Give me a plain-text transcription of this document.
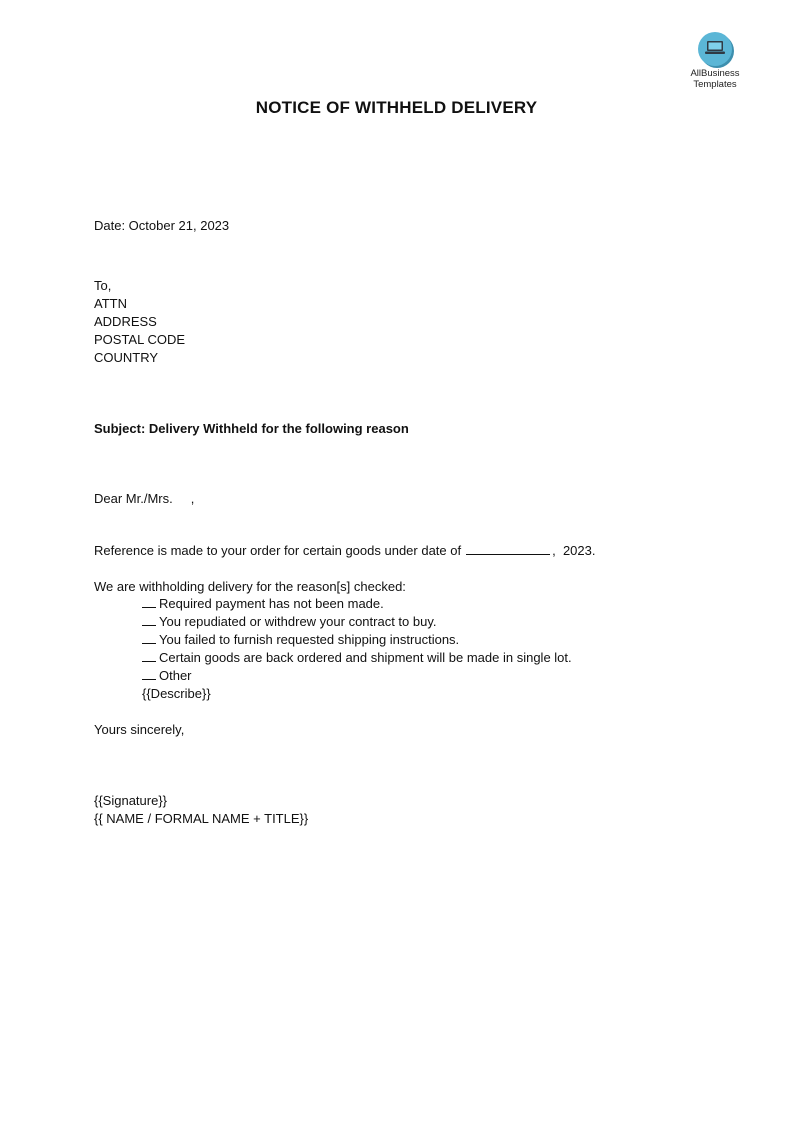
AllBusiness
Templates
NOTICE OF WITHHELD DELIVERY
Date: October 21, 2023
To,
ATTN
ADDRESS
POSTAL CODE
COUNTRY
Subject: Delivery Withheld for the following reason
Dear Mr./Mrs.     ,
Reference is made to your order for certain goods under date of	,  2023.
We are withholding delivery for the reason[s] checked:
Required payment has not been made.
You repudiated or withdrew your contract to buy.
You failed to furnish requested shipping instructions.
Certain goods are back ordered and shipment will be made in single lot.
Other
{{Describe}}
Yours sincerely,
{{Signature}}
{{ NAME / FORMAL NAME + TITLE}}
